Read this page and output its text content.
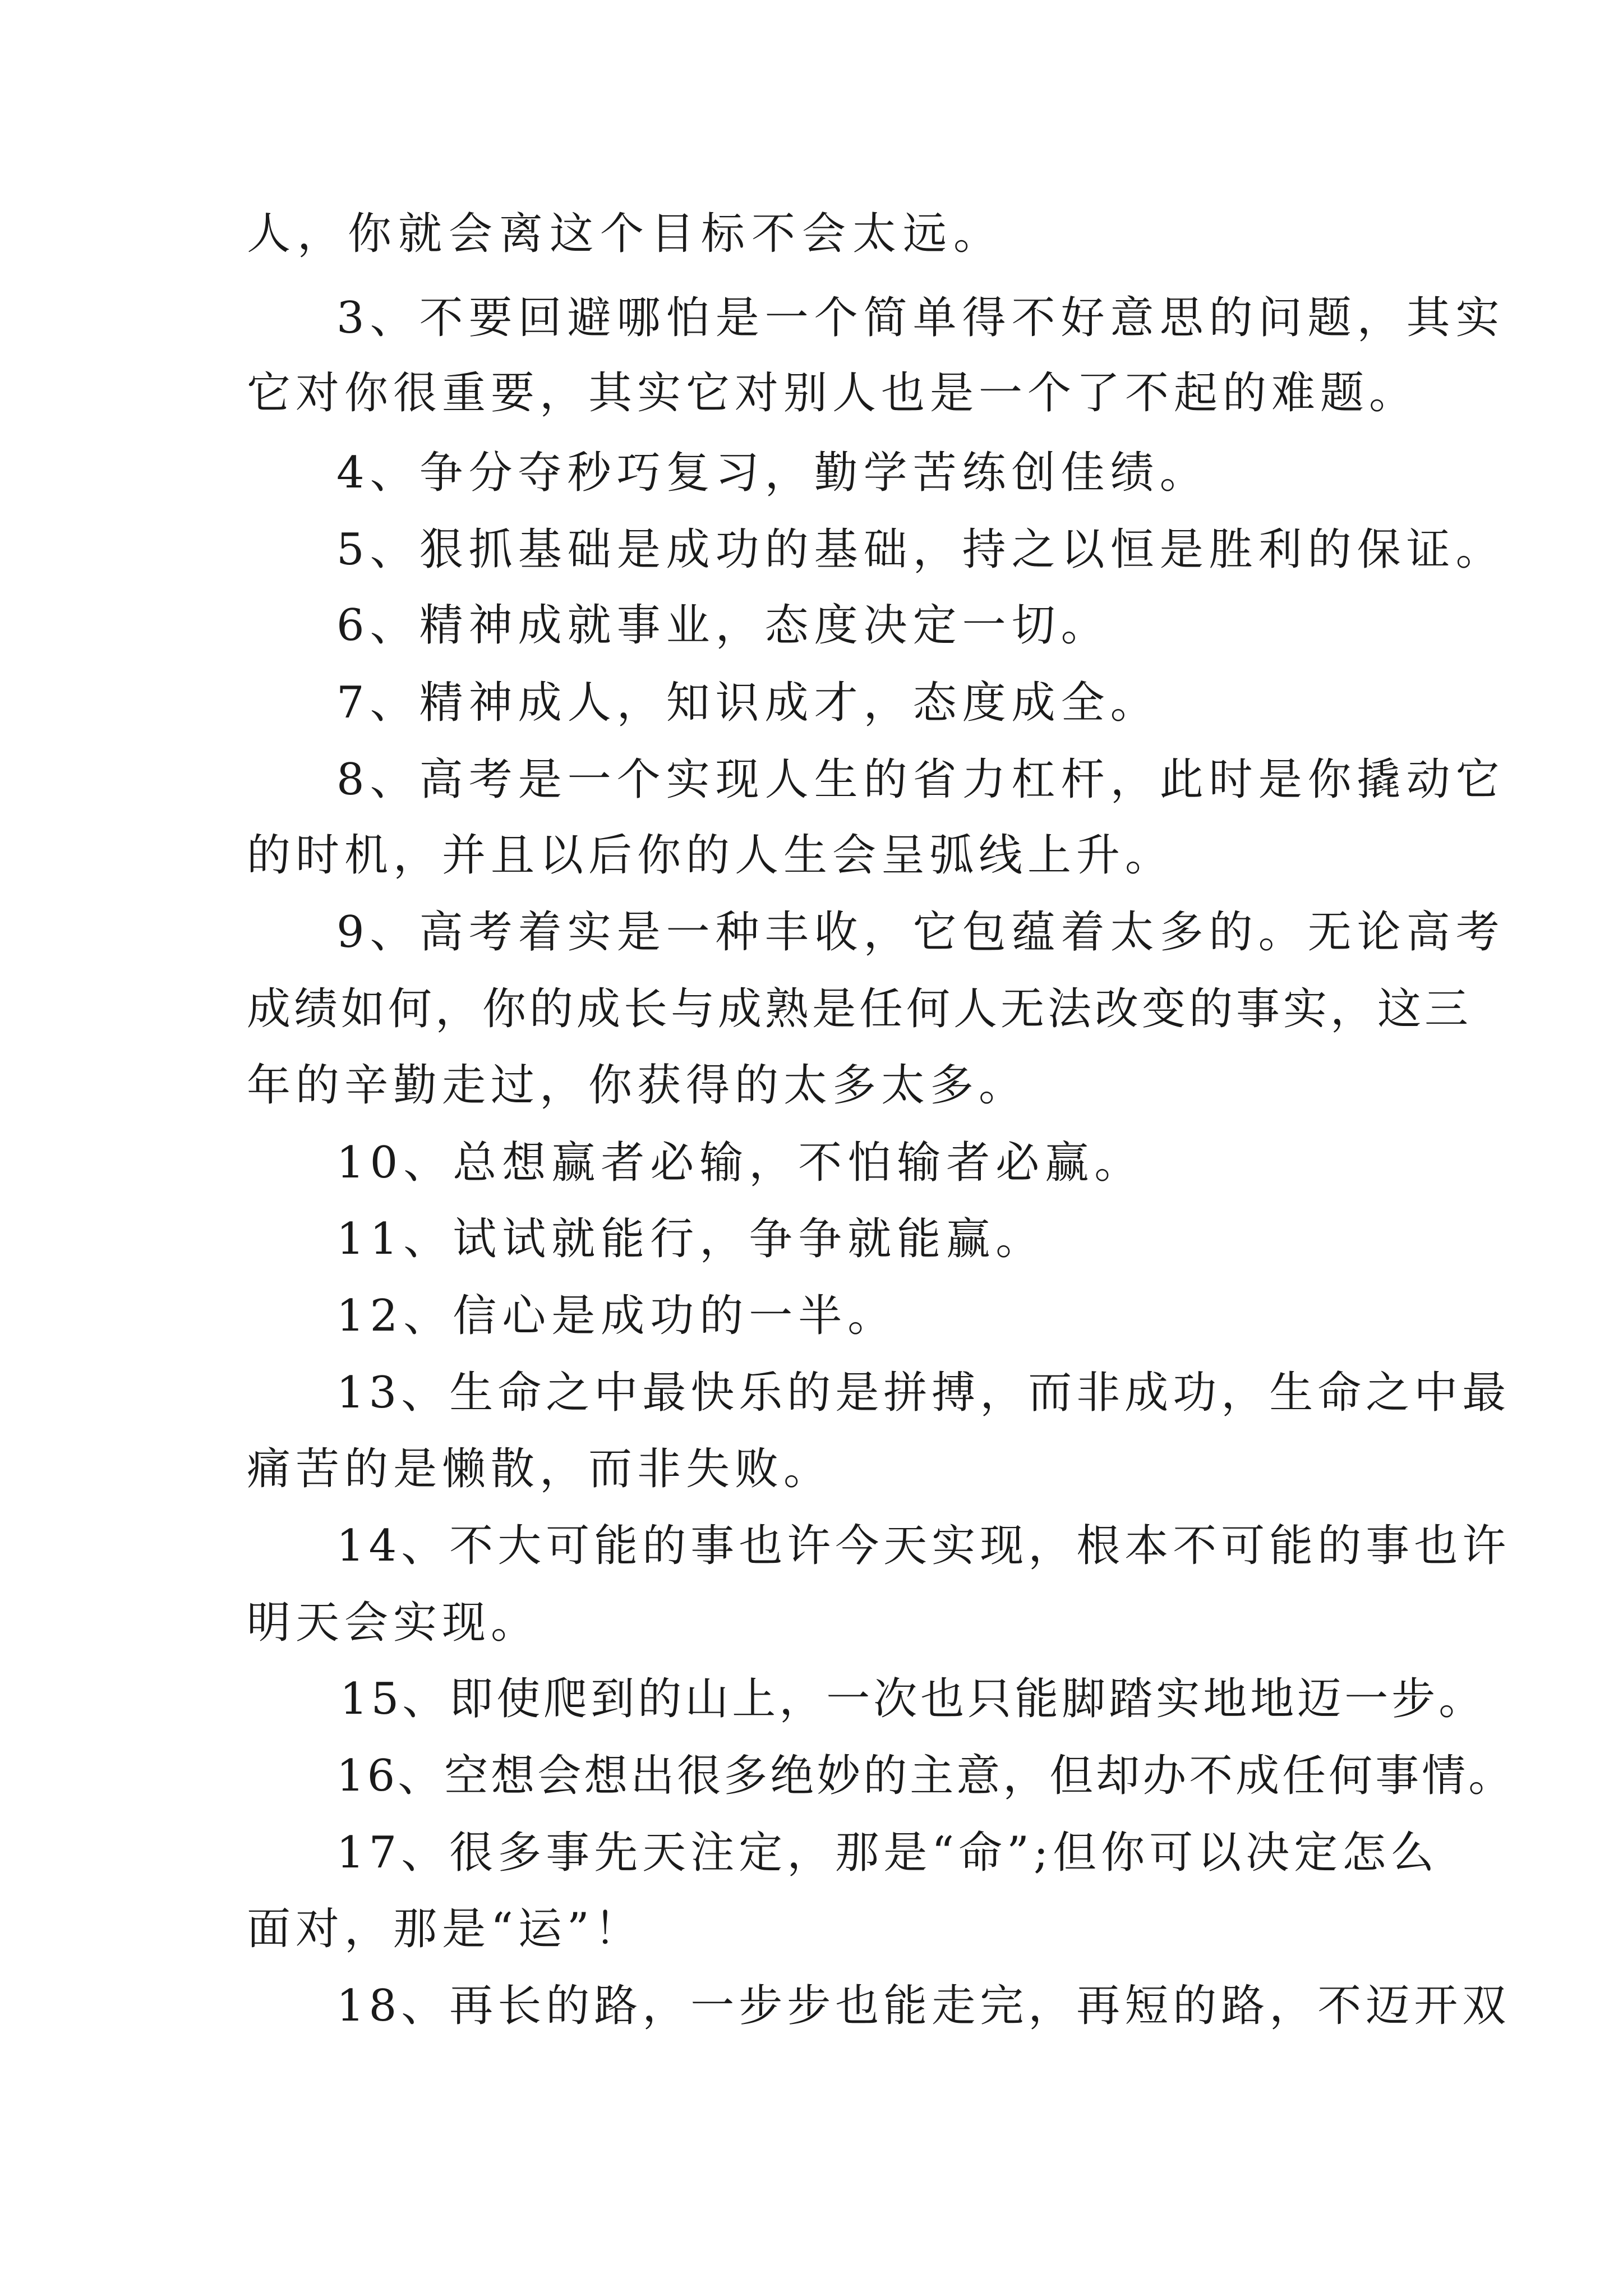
人，你就会离这个目标不会太远。
3、不要回避哪怕是一个简单得不好意思的问题，其实
它对你很重要，其实它对别人也是一个了不起的难题。
4、争分夺秒巧复习，勤学苦练创佳绩。
5、狠抓基础是成功的基础，持之以恒是胜利的保证。
6、精神成就事业，态度决定一切。
7、精神成人，知识成才，态度成全。
8、高考是一个实现人生的省力杠杆，此时是你撬动它
的时机，并且以后你的人生会呈弧线上升。
9、高考着实是一种丰收，它包蕴着太多的。无论高考
成绩如何，你的成长与成熟是任何人无法改变的事实，这三
年的辛勤走过，你获得的太多太多。
10、总想赢者必输，不怕输者必赢。
11、试试就能行，争争就能赢。
12、信心是成功的一半。
13、生命之中最快乐的是拼搏，而非成功，生命之中最
痛苦的是懒散，而非失败。
14、不大可能的事也许今天实现，根本不可能的事也许
明天会实现。
15、即使爬到的山上，一次也只能脚踏实地地迈一步。
16、空想会想出很多绝妙的主意，但却办不成任何事情。
17、很多事先天注定，那是“命”;但你可以决定怎么
面对，那是“运”！
18、再长的路，一步步也能走完，再短的路，不迈开双
